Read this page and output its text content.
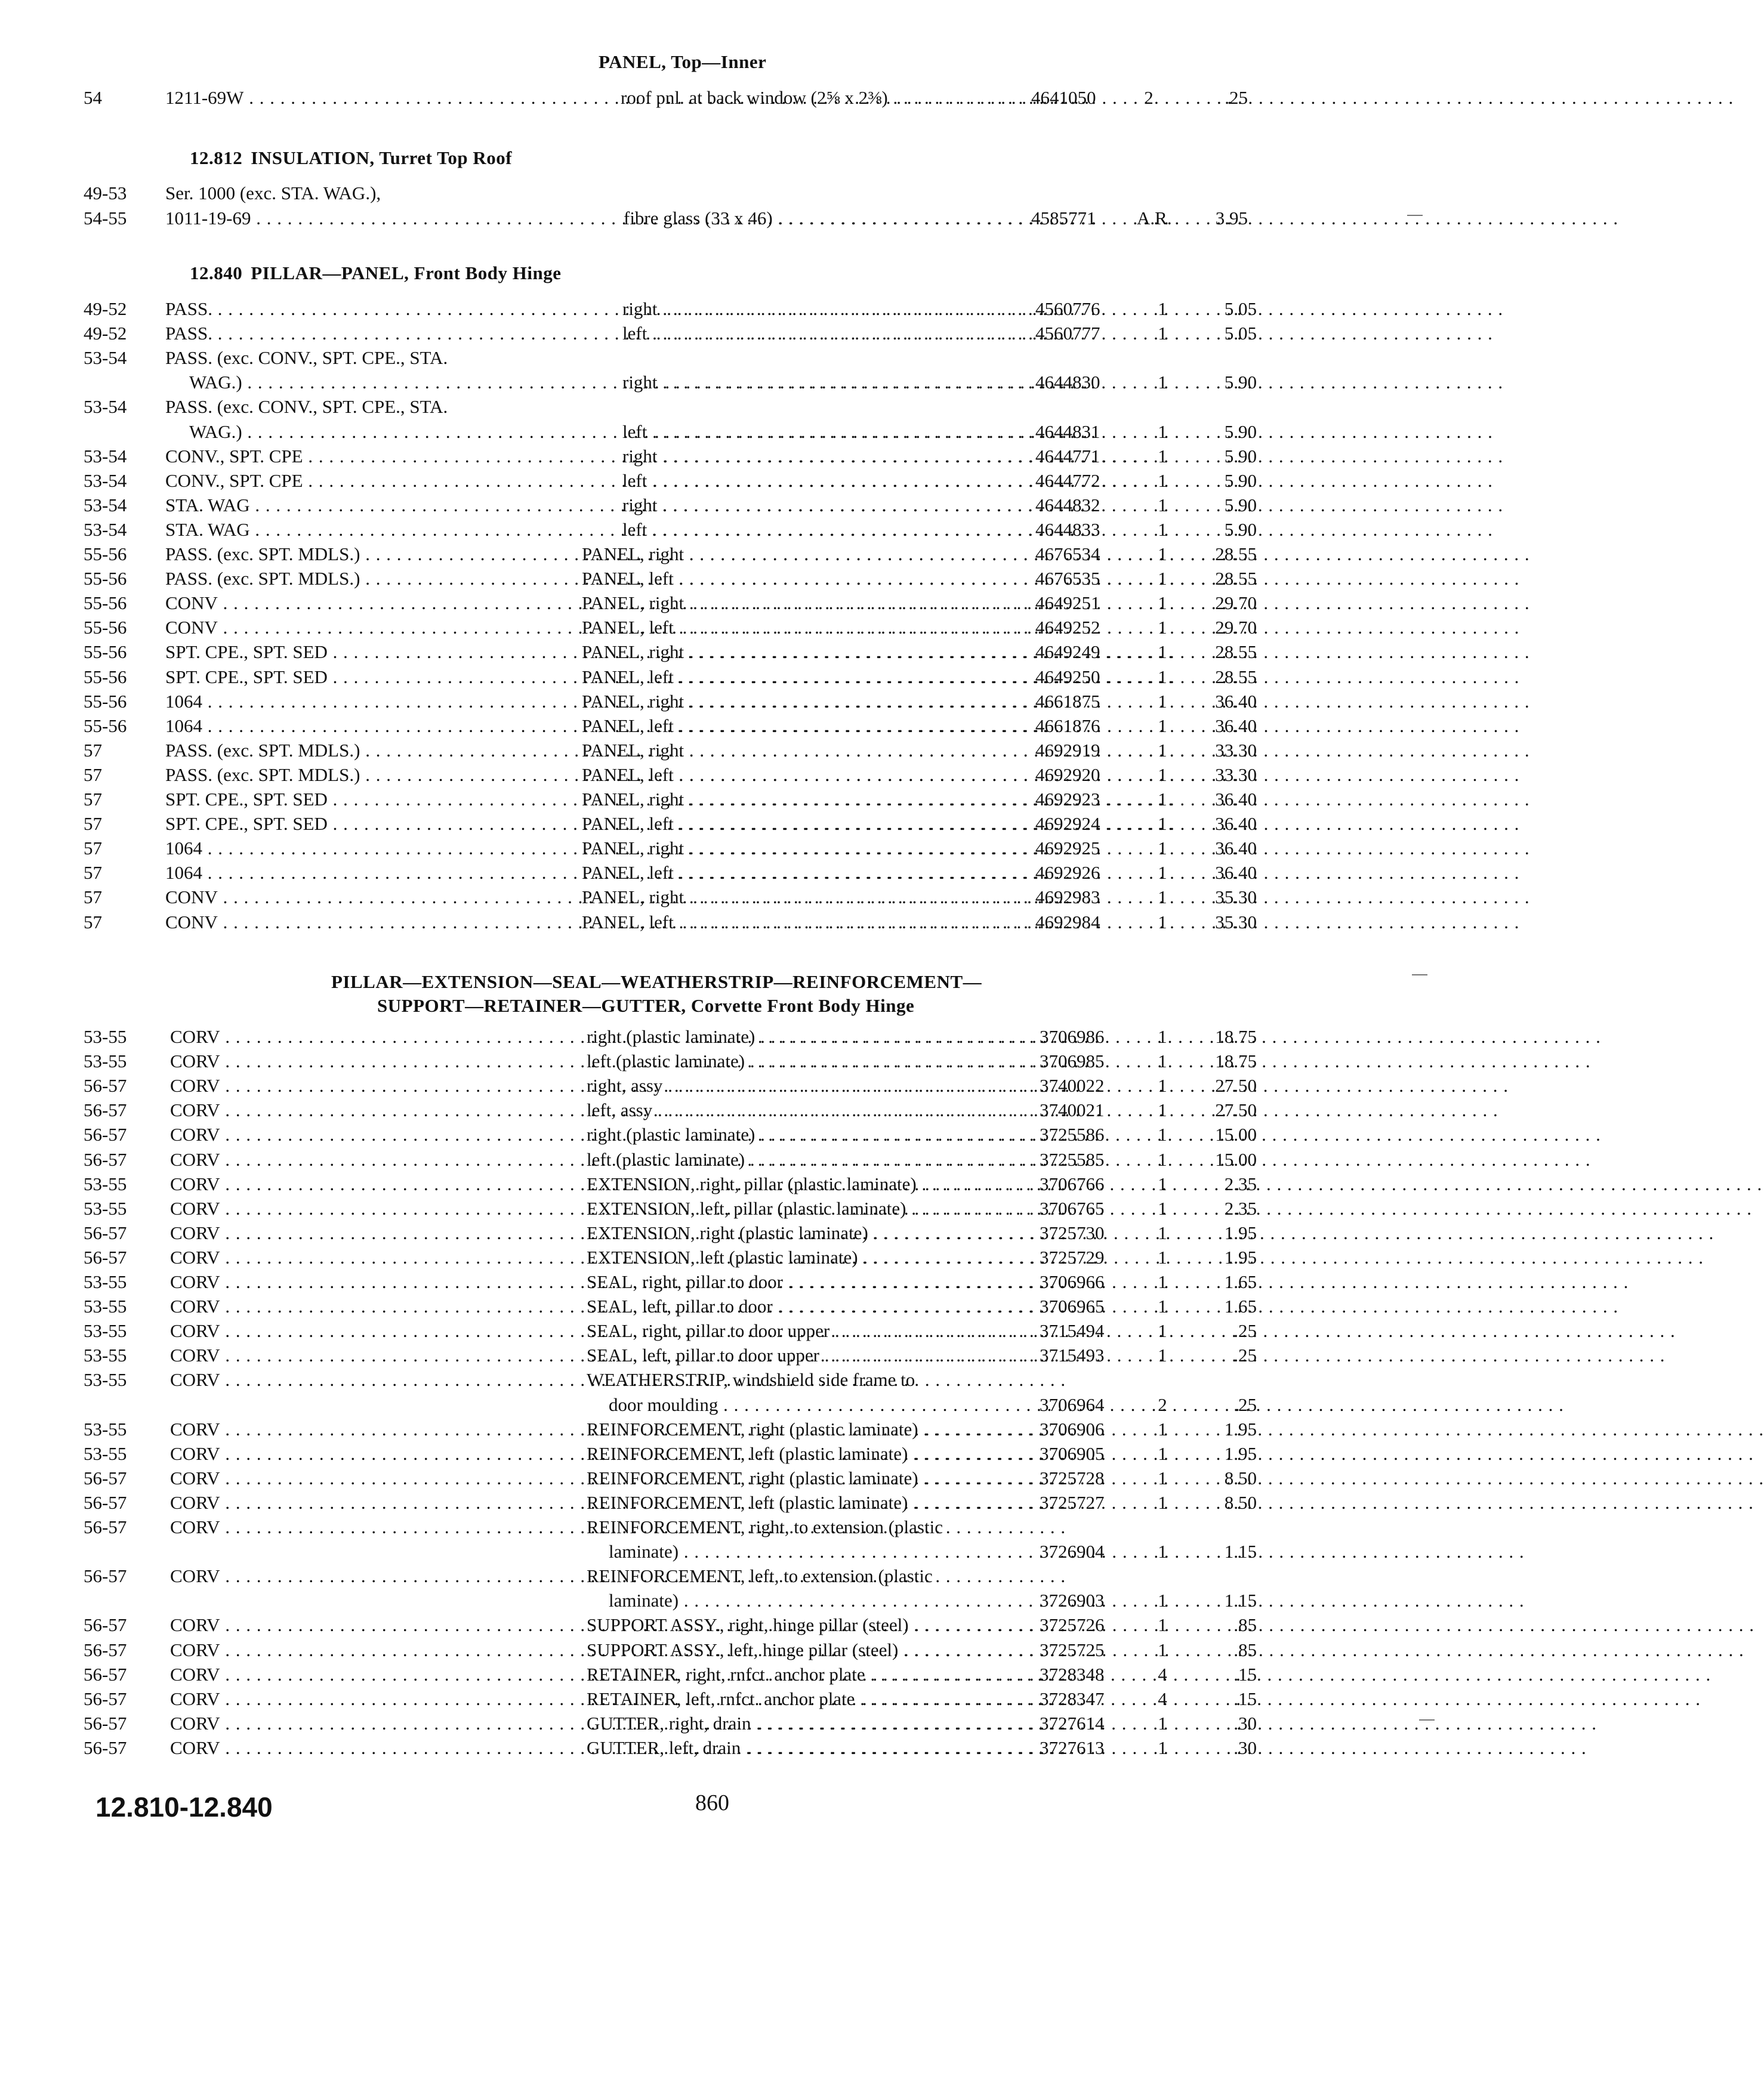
PANEL, Top—Inner
54	1211-69W . . .	roof pnl. at back window (2⅝ x 2⅜) . . .	4641050	2	.25
12.812 INSULATION, Turret Top Roof
49-53 Ser. 1000 (exc. STA. WAG.),
54-55 1011-19-69 . . .	fibre glass (33 x 46) . . .	4585771 A.R.	3.95
12.840 PILLAR—PANEL, Front Body Hinge
49-52 PASS. . . .	right . . .	4560776	1	5.05
49-52 PASS. . . .	left . . .	4560777	1	5.05
53-54 PASS. (exc. CONV., SPT. CPE., STA.
WAG.) . . .	right . . .	4644830	1	5.90
53-54 PASS. (exc. CONV., SPT. CPE., STA.
WAG.) . . .	left . . .	4644831	1	5.90
53-54 CONV., SPT. CPE . . .	right . . .	4644771	1	5.90
53-54 CONV., SPT. CPE . . .	left . . .	4644772	1	5.90
53-54 STA. WAG . . .	right . . .	4644832	1	5.90
53-54 STA. WAG . . .	left . . .	4644833	1	5.90
55-56 PASS. (exc. SPT. MDLS.) . . .	PANEL, right . . .	4676534	1	28.55
55-56 PASS. (exc. SPT. MDLS.) . . .	PANEL, left . . .	4676535	1	28.55
55-56 CONV . . .	PANEL, right . . .	4649251	1	29.70
55-56 CONV . . .	PANEL, left . . .	4649252	1	29.70
55-56 SPT. CPE., SPT. SED . . .	PANEL, right . . .	4649249	1	28.55
55-56 SPT. CPE., SPT. SED . . .	PANEL, left . . .	4649250	1	28.55
55-56 1064 . . .	PANEL, right . . .	4661875	1	36.40
55-56 1064 . . .	PANEL, left . . .	4661876	1	36.40
57	PASS. (exc. SPT. MDLS.) . . .	PANEL, right . . .	4692919	1	33.30
57	PASS. (exc. SPT. MDLS.) . . .	PANEL, left . . .	4692920	1	33.30
57	SPT. CPE., SPT. SED . . .	PANEL, right . . .	4692923	1	36.40
57	SPT. CPE., SPT. SED . . .	PANEL, left . . .	4692924	1	36.40
57	1064 . . .	PANEL, right . . .	4692925	1	36.40
57	1064 . . .	PANEL, left . . .	4692926	1	36.40
57	CONV . . .	PANEL, right . . .	4692983	1	35.30
57	CONV . . .	PANEL, left . . .	4692984	1	35.30
PILLAR—EXTENSION—SEAL—WEATHERSTRIP—REINFORCEMENT—
SUPPORT—RETAINER—GUTTER, Corvette Front Body Hinge
53-55 CORV . . .	right (plastic laminate) . . .	3706986	1	18.75
53-55 CORV . . .	left (plastic laminate) . . .	3706985	1	18.75
56-57 CORV . . .	right, assy . . .	3740022	1	27.50
56-57 CORV . . .	left, assy . . .	3740021	1	27.50
56-57 CORV . . .	right (plastic laminate) . . .	3725586	1	15.00
56-57 CORV . . .	left (plastic laminate) . . .	3725585	1	15.00
53-55 CORV . . .	EXTENSION, right, pillar (plastic laminate) . . .	3706766	1	2.35
53-55 CORV . . .	EXTENSION, left, pillar (plastic laminate) . . .	3706765	1	2.35
56-57 CORV . . .	EXTENSION, right (plastic laminate) . . .	3725730	1	1.95
56-57 CORV . . .	EXTENSION, left (plastic laminate) . . .	3725729	1	1.95
53-55 CORV . . .	SEAL, right, pillar to door . . .	3706966	1	1.65
53-55 CORV . . .	SEAL, left, pillar to door . . .	3706965	1	1.65
53-55 CORV . . .	SEAL, right, pillar to door upper . . .	3715494	1	.25
53-55 CORV . . .	SEAL, left, pillar to door upper . . .	3715493	1	.25
53-55 CORV . . .	WEATHERSTRIP, windshield side frame to
door moulding . . .	3706964	2	.25
53-55 CORV . . .	REINFORCEMENT, right (plastic laminate) . . .	3706906	1	1.95
53-55 CORV . . .	REINFORCEMENT, left (plastic laminate) . . .	3706905	1	1.95
56-57 CORV . . .	REINFORCEMENT, right (plastic laminate) . . .	3725728	1	8.50
56-57 CORV . . .	REINFORCEMENT, left (plastic laminate) . . .	3725727	1	8.50
56-57 CORV . . .	REINFORCEMENT, right, to extension (plastic
laminate) . . .	3726904	1	1.15
56-57 CORV . . .	REINFORCEMENT, left, to extension (plastic
laminate) . . .	3726903	1	1.15
56-57 CORV . . .	SUPPORT ASSY., right, hinge pillar (steel) . . .	3725726	1	.85
56-57 CORV . . .	SUPPORT ASSY., left, hinge pillar (steel) . . .	3725725	1	.85
56-57 CORV . . .	RETAINER, right, rnfct. anchor plate . . .	3728348	4	.15
56-57 CORV . . .	RETAINER, left, rnfct. anchor plate . . .	3728347	4	.15
56-57 CORV . . .	GUTTER, right, drain . . .	3727614	1	.30
56-57 CORV . . .	GUTTER, left, drain . . .	3727613	1	.30
12.810-12.840	860
